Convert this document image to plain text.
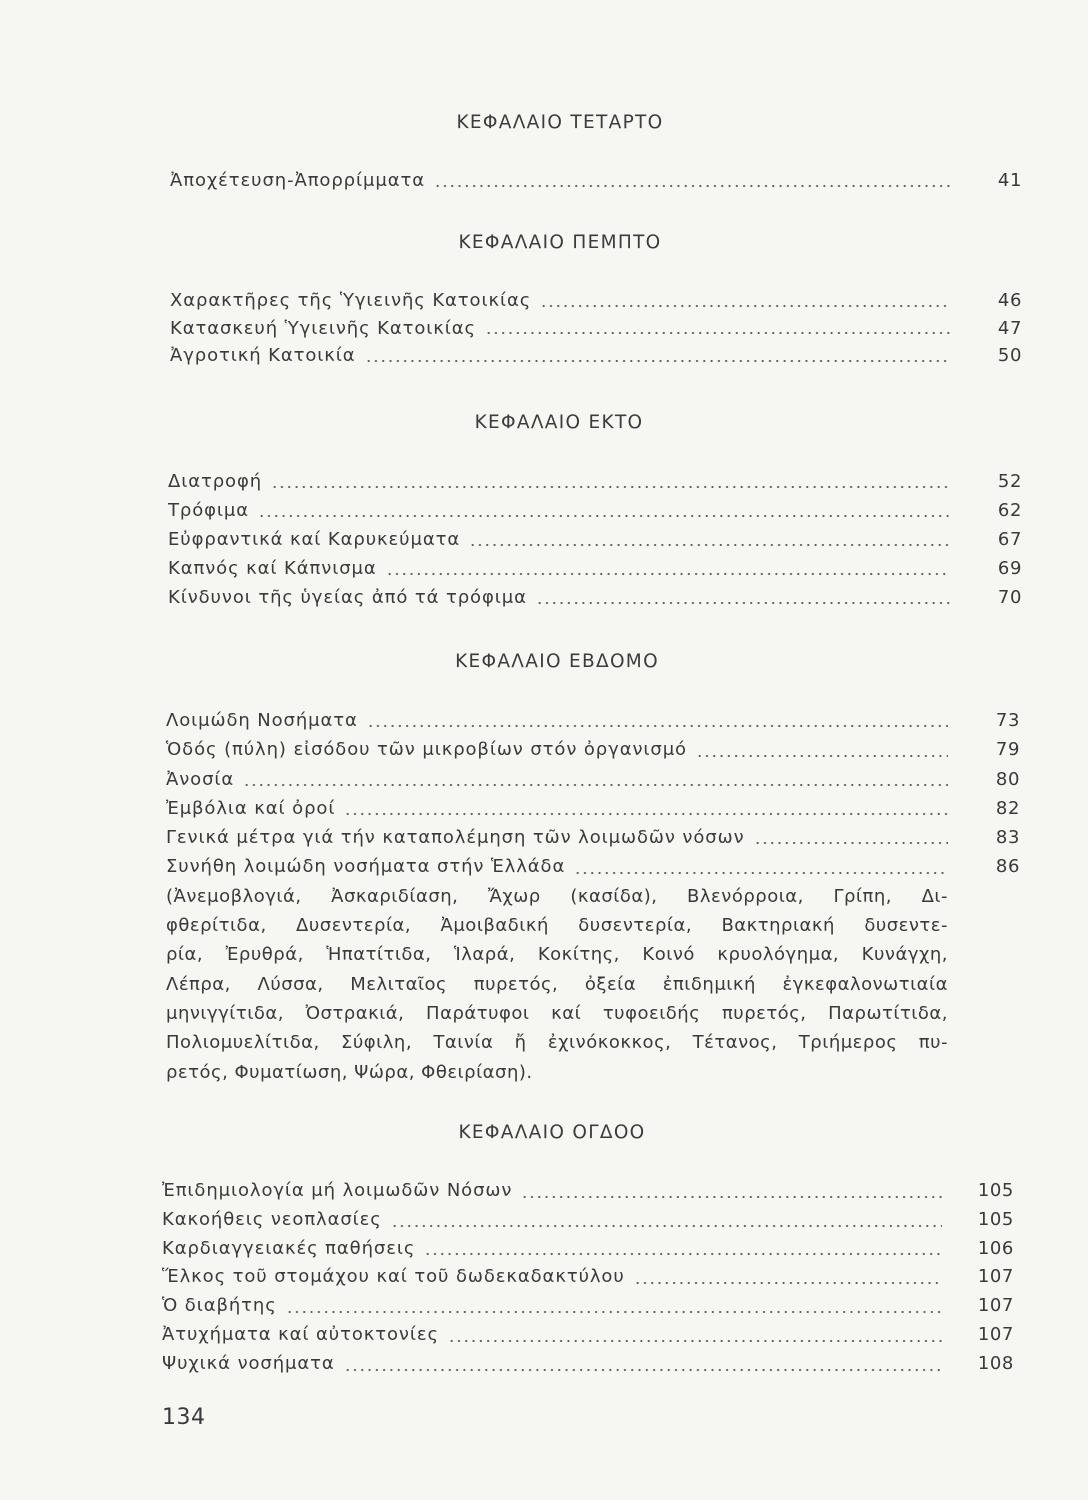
ΚΕΦΑΛΑΙΟ ΤΕΤΑΡΤΟ
Ἀποχέτευση-Ἀπορρίμματα	41
ΚΕΦΑΛΑΙΟ ΠΕΜΠΤΟ
Χαρακτῆρες τῆς Ὑγιεινῆς Κατοικίας	46
Κατασκευή Ὑγιεινῆς Κατοικίας	47
Ἀγροτική Κατοικία	50
ΚΕΦΑΛΑΙΟ ΕΚΤΟ
Διατροφή	52
Τρόφιμα	62
Εὐφραντικά καί Καρυκεύματα	67
Καπνός καί Κάπνισμα	69
Κίνδυνοι τῆς ὑγείας ἀπό τά τρόφιμα	70
ΚΕΦΑΛΑΙΟ ΕΒΔΟΜΟ
Λοιμώδη Νοσήματα	73
Ὁδός (πύλη) εἰσόδου τῶν μικροβίων στόν ὀργανισμό	79
Ἀνοσία	80
Ἐμβόλια καί ὀροί	82
Γενικά μέτρα γιά τήν καταπολέμηση τῶν λοιμωδῶν νόσων	83
Συνήθη λοιμώδη νοσήματα στήν Ἑλλάδα	86
(Ἀνεμοβλογιά, Ἀσκαριδίαση, Ἄχωρ (κασίδα), Βλενόρροια, Γρίπη, Δι-
φθερίτιδα, Δυσεντερία, Ἀμοιβαδική δυσεντερία, Βακτηριακή δυσεντε-
ρία, Ἐρυθρά, Ἡπατίτιδα, Ἱλαρά, Κοκίτης, Κοινό κρυολόγημα, Κυνάγχη,
Λέπρα, Λύσσα, Μελιταῖος πυρετός, ὀξεία ἐπιδημική ἐγκεφαλονωτιαία
μηνιγγίτιδα, Ὀστρακιά, Παράτυφοι καί τυφοειδής πυρετός, Παρωτίτιδα,
Πολιομυελίτιδα, Σύφιλη, Ταινία ἤ ἐχινόκοκκος, Τέτανος, Τριήμερος πυ-
ρετός, Φυματίωση, Ψώρα, Φθειρίαση).
ΚΕΦΑΛΑΙΟ ΟΓΔΟΟ
Ἐπιδημιολογία μή λοιμωδῶν Νόσων	105
Κακοήθεις νεοπλασίες	105
Καρδιαγγειακές παθήσεις	106
Ἕλκος τοῦ στομάχου καί τοῦ δωδεκαδακτύλου	107
Ὁ διαβήτης	107
Ἀτυχήματα καί αὐτοκτονίες	107
Ψυχικά νοσήματα	108
134
